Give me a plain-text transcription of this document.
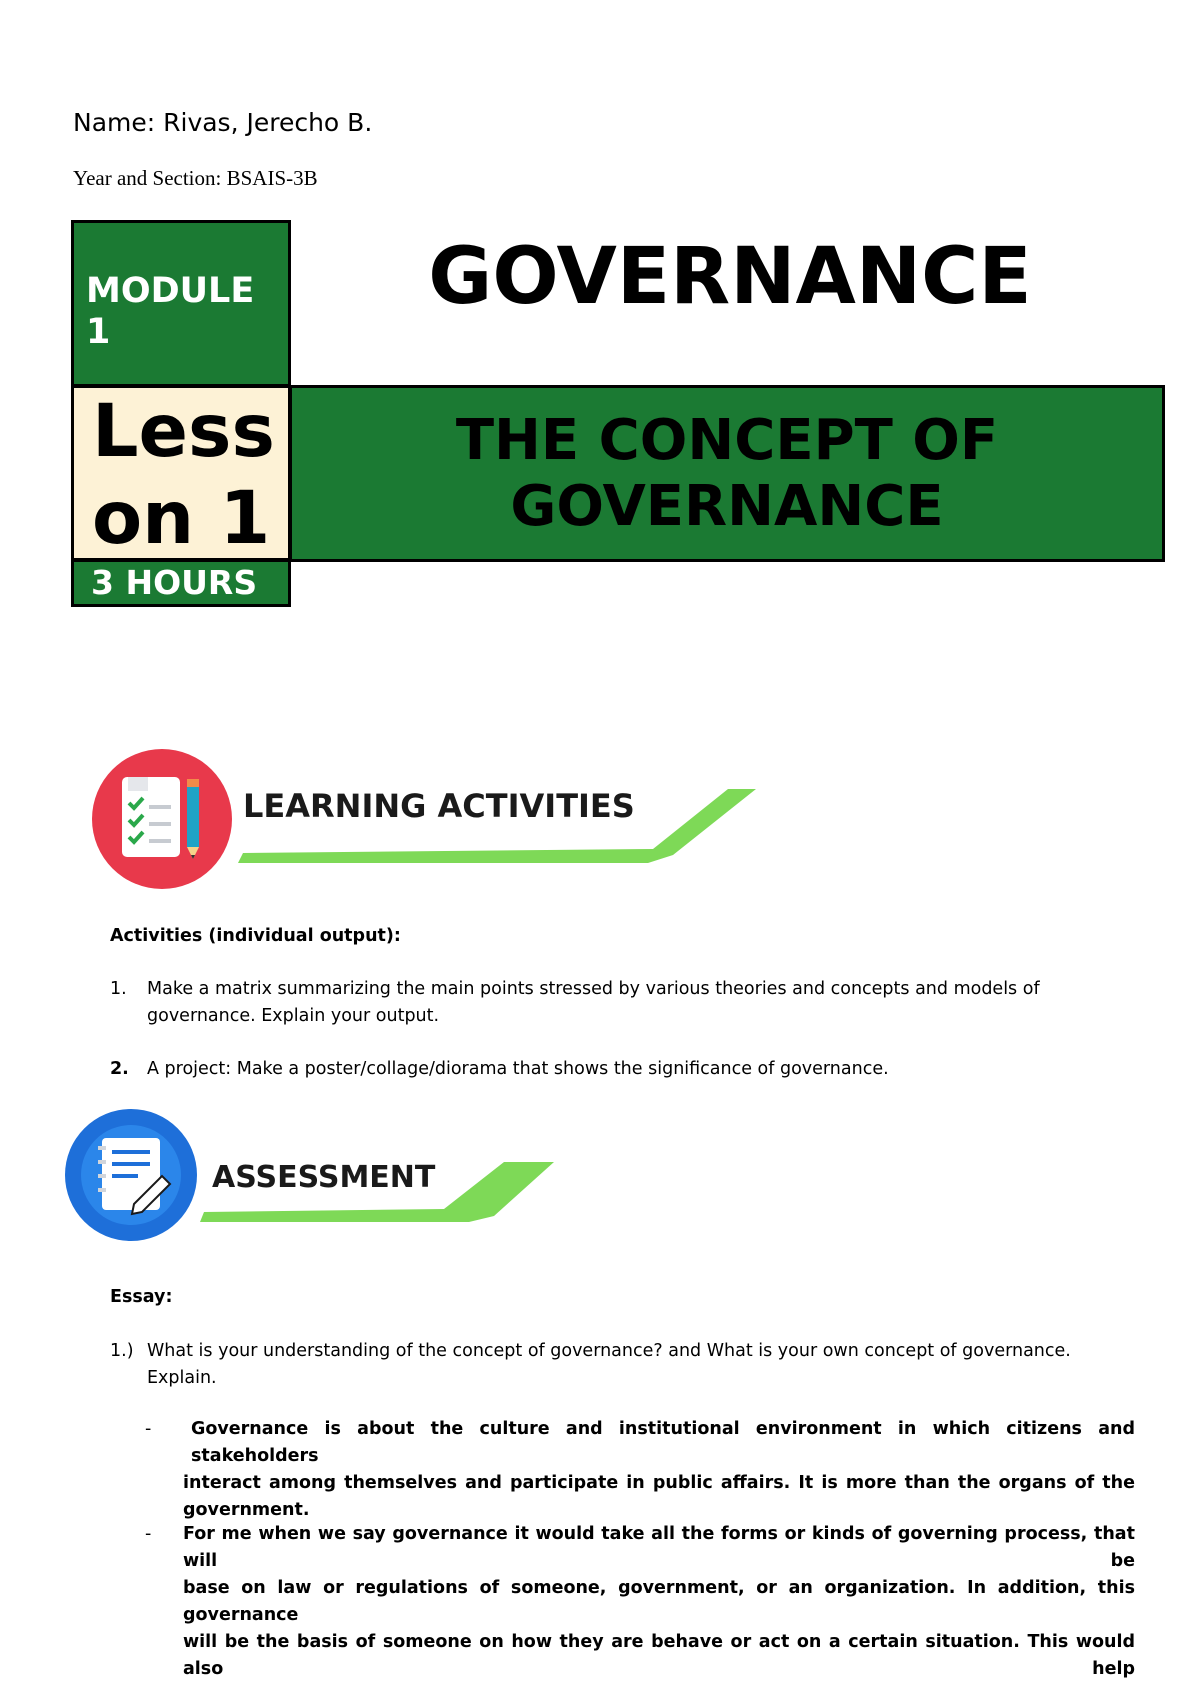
Name: Rivas, Jerecho B.
Year and Section: BSAIS-3B
MODULE
1
GOVERNANCE
Less
on 1
3 HOURS
THE CONCEPT OF
GOVERNANCE
LEARNING ACTIVITIES
Activities (individual output):
1. Make a matrix summarizing the main points stressed by various theories and concepts and models of
governance. Explain your output.
2.	A project: Make a poster/collage/diorama that shows the significance of governance.
ASSESSMENT
Essay:
1.) What is your understanding of the concept of governance? and What is your own concept of governance.
Explain.
-	Governance is about the culture and institutional environment in which citizens and stakeholders
interact among themselves and participate in public affairs. It is more than the organs of the
government.
- For me when we say governance it would take all the forms or kinds of governing process, that will be
base on law or regulations of someone, government, or an organization. In addition, this governance
will be the basis of someone on how they are behave or act on a certain situation. This would also help
